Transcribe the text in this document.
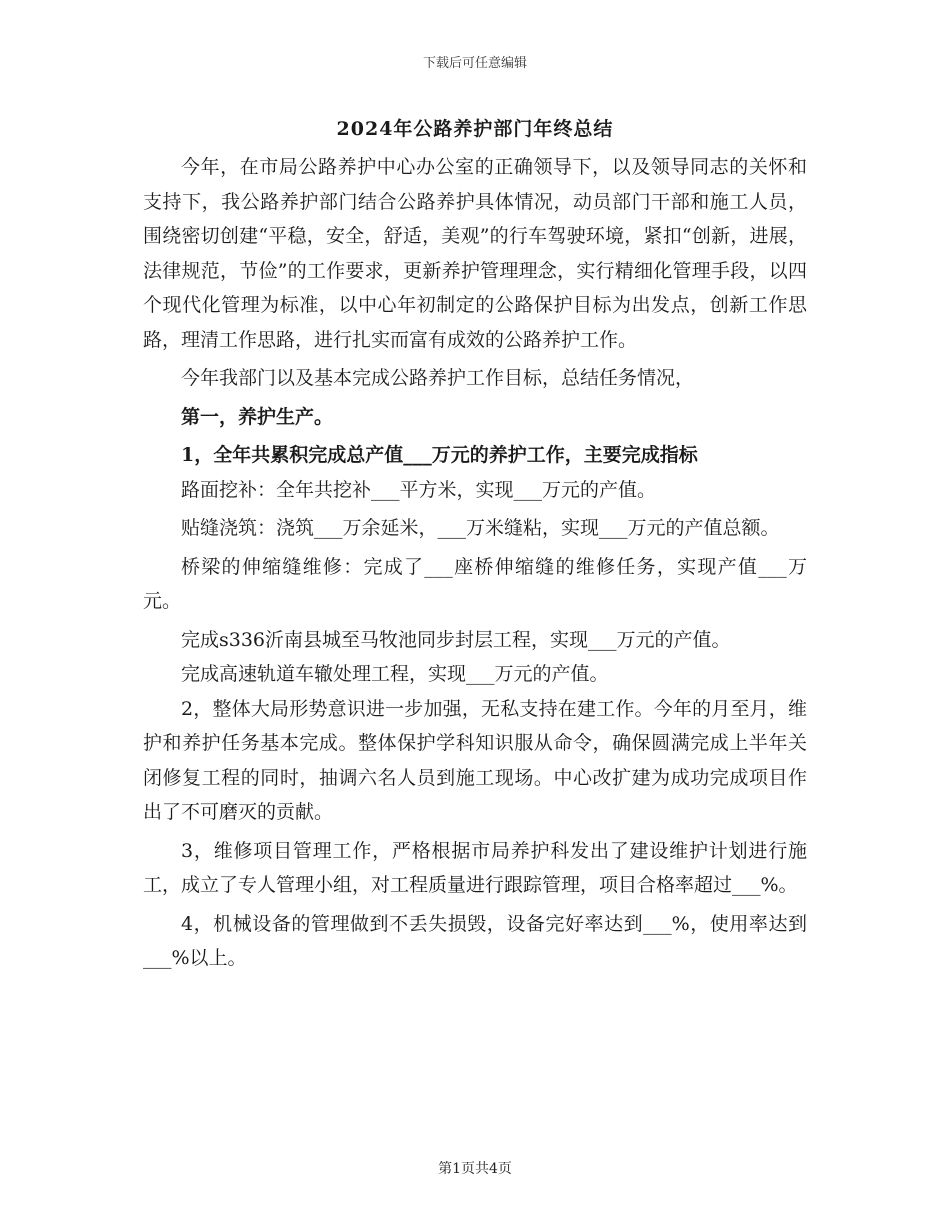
下载后可任意编辑
2024年公路养护部门年终总结

今年，在市局公路养护中心办公室的正确领导下，以及领导同志的关怀和支持下，我公路养护部门结合公路养护具体情况，动员部门干部和施工人员，围绕密切创建“平稳，安全，舒适，美观”的行车驾驶环境，紧扣“创新，进展，法律规范，节俭”的工作要求，更新养护管理理念，实行精细化管理手段，以四个现代化管理为标准，以中心年初制定的公路保护目标为出发点，创新工作思路，理清工作思路，进行扎实而富有成效的公路养护工作。

今年我部门以及基本完成公路养护工作目标，总结任务情况，

第一，养护生产。

1，全年共累积完成总产值___万元的养护工作，主要完成指标

路面挖补：全年共挖补___平方米，实现___万元的产值。

贴缝浇筑：浇筑___万余延米，___万米缝粘，实现___万元的产值总额。

桥梁的伸缩缝维修：完成了___座桥伸缩缝的维修任务，实现产值___万元。

完成s336沂南县城至马牧池同步封层工程，实现___万元的产值。

完成高速轨道车辙处理工程，实现___万元的产值。

2，整体大局形势意识进一步加强，无私支持在建工作。今年的月至月，维护和养护任务基本完成。整体保护学科知识服从命令，确保圆满完成上半年关闭修复工程的同时，抽调六名人员到施工现场。中心改扩建为成功完成项目作出了不可磨灭的贡献。

3，维修项目管理工作，严格根据市局养护科发出了建设维护计划进行施工，成立了专人管理小组，对工程质量进行跟踪管理，项目合格率超过___%。

4，机械设备的管理做到不丢失损毁，设备完好率达到___%，使用率达到___%以上。

第1页共4页
